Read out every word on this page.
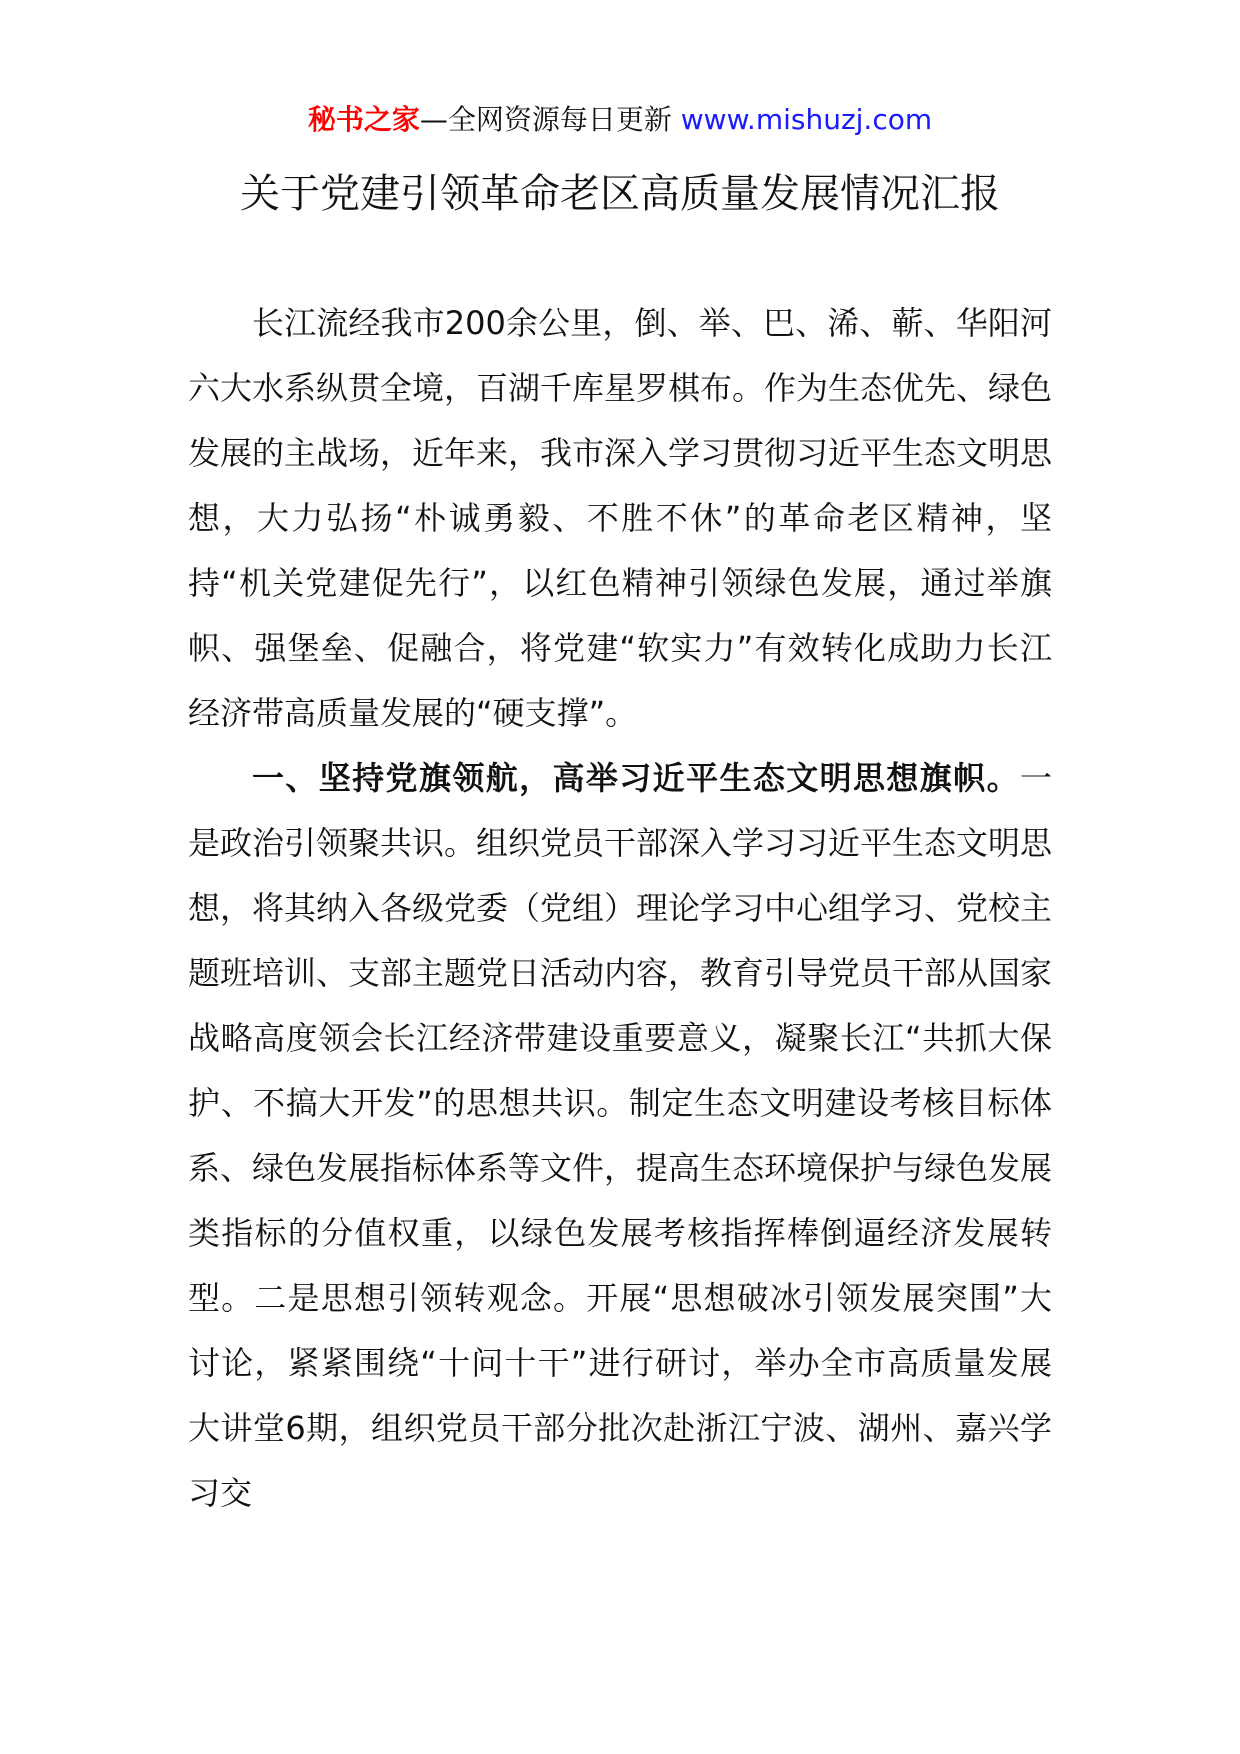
秘书之家—全网资源每日更新 www.mishuzj.com
关于党建引领革命老区高质量发展情况汇报

长江流经我市200余公里，倒、举、巴、浠、蕲、华阳河六大水系纵贯全境，百湖千库星罗棋布。作为生态优先、绿色发展的主战场，近年来，我市深入学习贯彻习近平生态文明思想，大力弘扬“朴诚勇毅、不胜不休”的革命老区精神，坚持“机关党建促先行”，以红色精神引领绿色发展，通过举旗帜、强堡垒、促融合，将党建“软实力”有效转化成助力长江经济带高质量发展的“硬支撑”。

一、坚持党旗领航，高举习近平生态文明思想旗帜。一是政治引领聚共识。组织党员干部深入学习习近平生态文明思想，将其纳入各级党委（党组）理论学习中心组学习、党校主题班培训、支部主题党日活动内容，教育引导党员干部从国家战略高度领会长江经济带建设重要意义，凝聚长江“共抓大保护、不搞大开发”的思想共识。制定生态文明建设考核目标体系、绿色发展指标体系等文件，提高生态环境保护与绿色发展类指标的分值权重，以绿色发展考核指挥棒倒逼经济发展转型。二是思想引领转观念。开展“思想破冰引领发展突围”大讨论，紧紧围绕“十问十干”进行研讨，举办全市高质量发展大讲堂6期，组织党员干部分批次赴浙江宁波、湖州、嘉兴学习交
